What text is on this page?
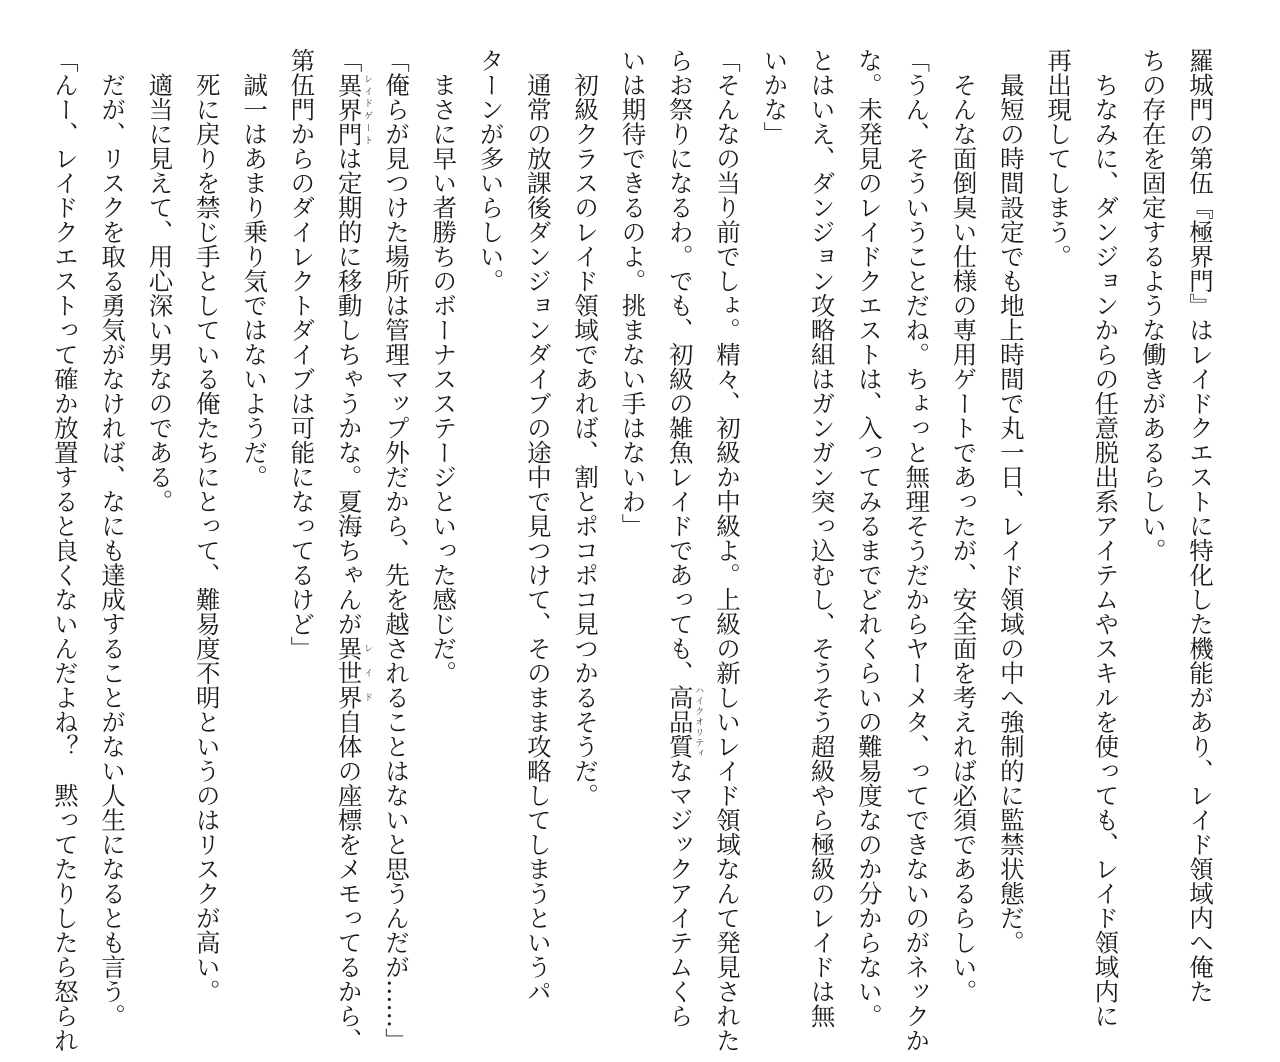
羅城門の第伍『極界門』はレイドクエストに特化した機能があり、レイド領域内へ俺た
ちの存在を固定するような働きがあるらしい。
　ちなみに、ダンジョンからの任意脱出系アイテムやスキルを使っても、レイド領域内に
再出現してしまう。
　最短の時間設定でも地上時間で丸一日、レイド領域の中へ強制的に監禁状態だ。
　そんな面倒臭い仕様の専用ゲートであったが、安全面を考えれば必須であるらしい。
「うん、そういうことだね。ちょっと無理そうだからヤーメタ、ってできないのがネックか
な。未発見のレイドクエストは、入ってみるまでどれくらいの難易度なのか分からない。
とはいえ、ダンジョン攻略組はガンガン突っ込むし、そうそう超級やら極級のレイドは無
いかな」
「そんなの当り前でしょ。精々、初級か中級よ。上級の新しいレイド領域なんて発見された
らお祭りになるわ。でも、初級の雑魚レイドであっても、高品質ハイクオリティなマジックアイテムくら
いは期待できるのよ。挑まない手はないわ」
　初級クラスのレイド領域であれば、割とポコポコ見つかるそうだ。
　通常の放課後ダンジョンダイブの途中で見つけて、そのまま攻略してしまうというパ
ターンが多いらしい。
　まさに早い者勝ちのボーナスステージといった感じだ。
「俺らが見つけた場所は管理マップ外だから、先を越されることはないと思うんだが……」
「異界門レイドゲートは定期的に移動しちゃうかな。夏海ちゃんが異世界レイド自体の座標をメモってるから、
第伍門からのダイレクトダイブは可能になってるけど」
　誠一はあまり乗り気ではないようだ。
　死に戻りを禁じ手としている俺たちにとって、難易度不明というのはリスクが高い。
　適当に見えて、用心深い男なのである。
　だが、リスクを取る勇気がなければ、なにも達成することがない人生になるとも言う。
「んー、レイドクエストって確か放置すると良くないんだよね？　黙ってたりしたら怒られ
